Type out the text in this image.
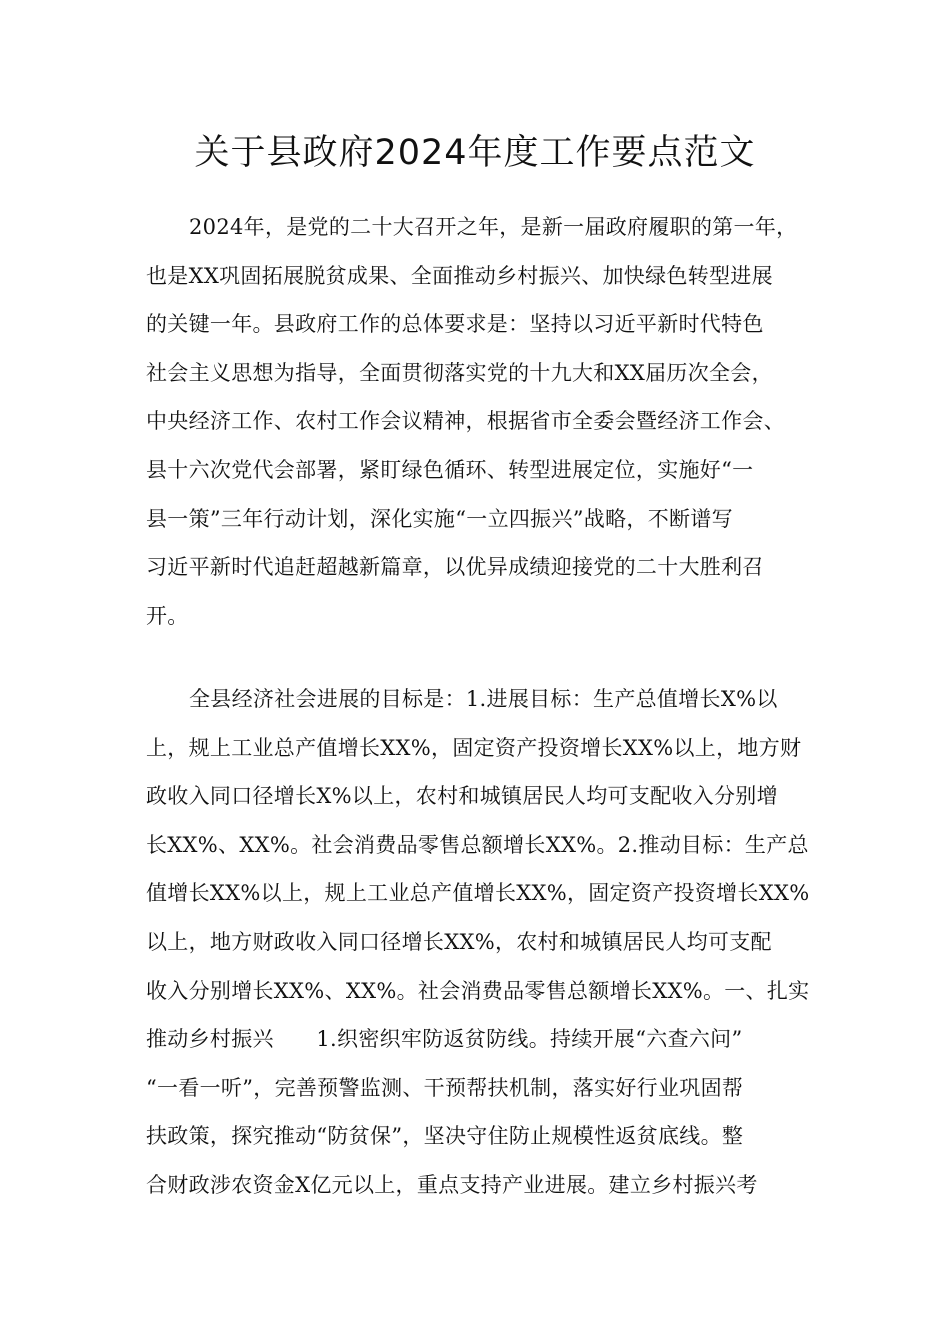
关于县政府2024年度工作要点范文
2024年，是党的二十大召开之年，是新一届政府履职的第一年，
也是XX巩固拓展脱贫成果、全面推动乡村振兴、加快绿色转型进展
的关键一年。县政府工作的总体要求是：坚持以习近平新时代特色
社会主义思想为指导，全面贯彻落实党的十九大和XX届历次全会，
中央经济工作、农村工作会议精神，根据省市全委会暨经济工作会、
县十六次党代会部署，紧盯绿色循环、转型进展定位，实施好“一
县一策”三年行动计划，深化实施“一立四振兴”战略，不断谱写
习近平新时代追赶超越新篇章，以优异成绩迎接党的二十大胜利召
开。
全县经济社会进展的目标是：1.进展目标：生产总值增长X%以
上，规上工业总产值增长XX%，固定资产投资增长XX%以上，地方财
政收入同口径增长X%以上，农村和城镇居民人均可支配收入分别增
长XX%、XX%。社会消费品零售总额增长XX%。2.推动目标：生产总
值增长XX%以上，规上工业总产值增长XX%，固定资产投资增长XX%
以上，地方财政收入同口径增长XX%，农村和城镇居民人均可支配
收入分别增长XX%、XX%。社会消费品零售总额增长XX%。一、扎实
推动乡村振兴　　1.织密织牢防返贫防线。持续开展“六查六问”
“一看一听”，完善预警监测、干预帮扶机制，落实好行业巩固帮
扶政策，探究推动“防贫保”，坚决守住防止规模性返贫底线。整
合财政涉农资金X亿元以上，重点支持产业进展。建立乡村振兴考
